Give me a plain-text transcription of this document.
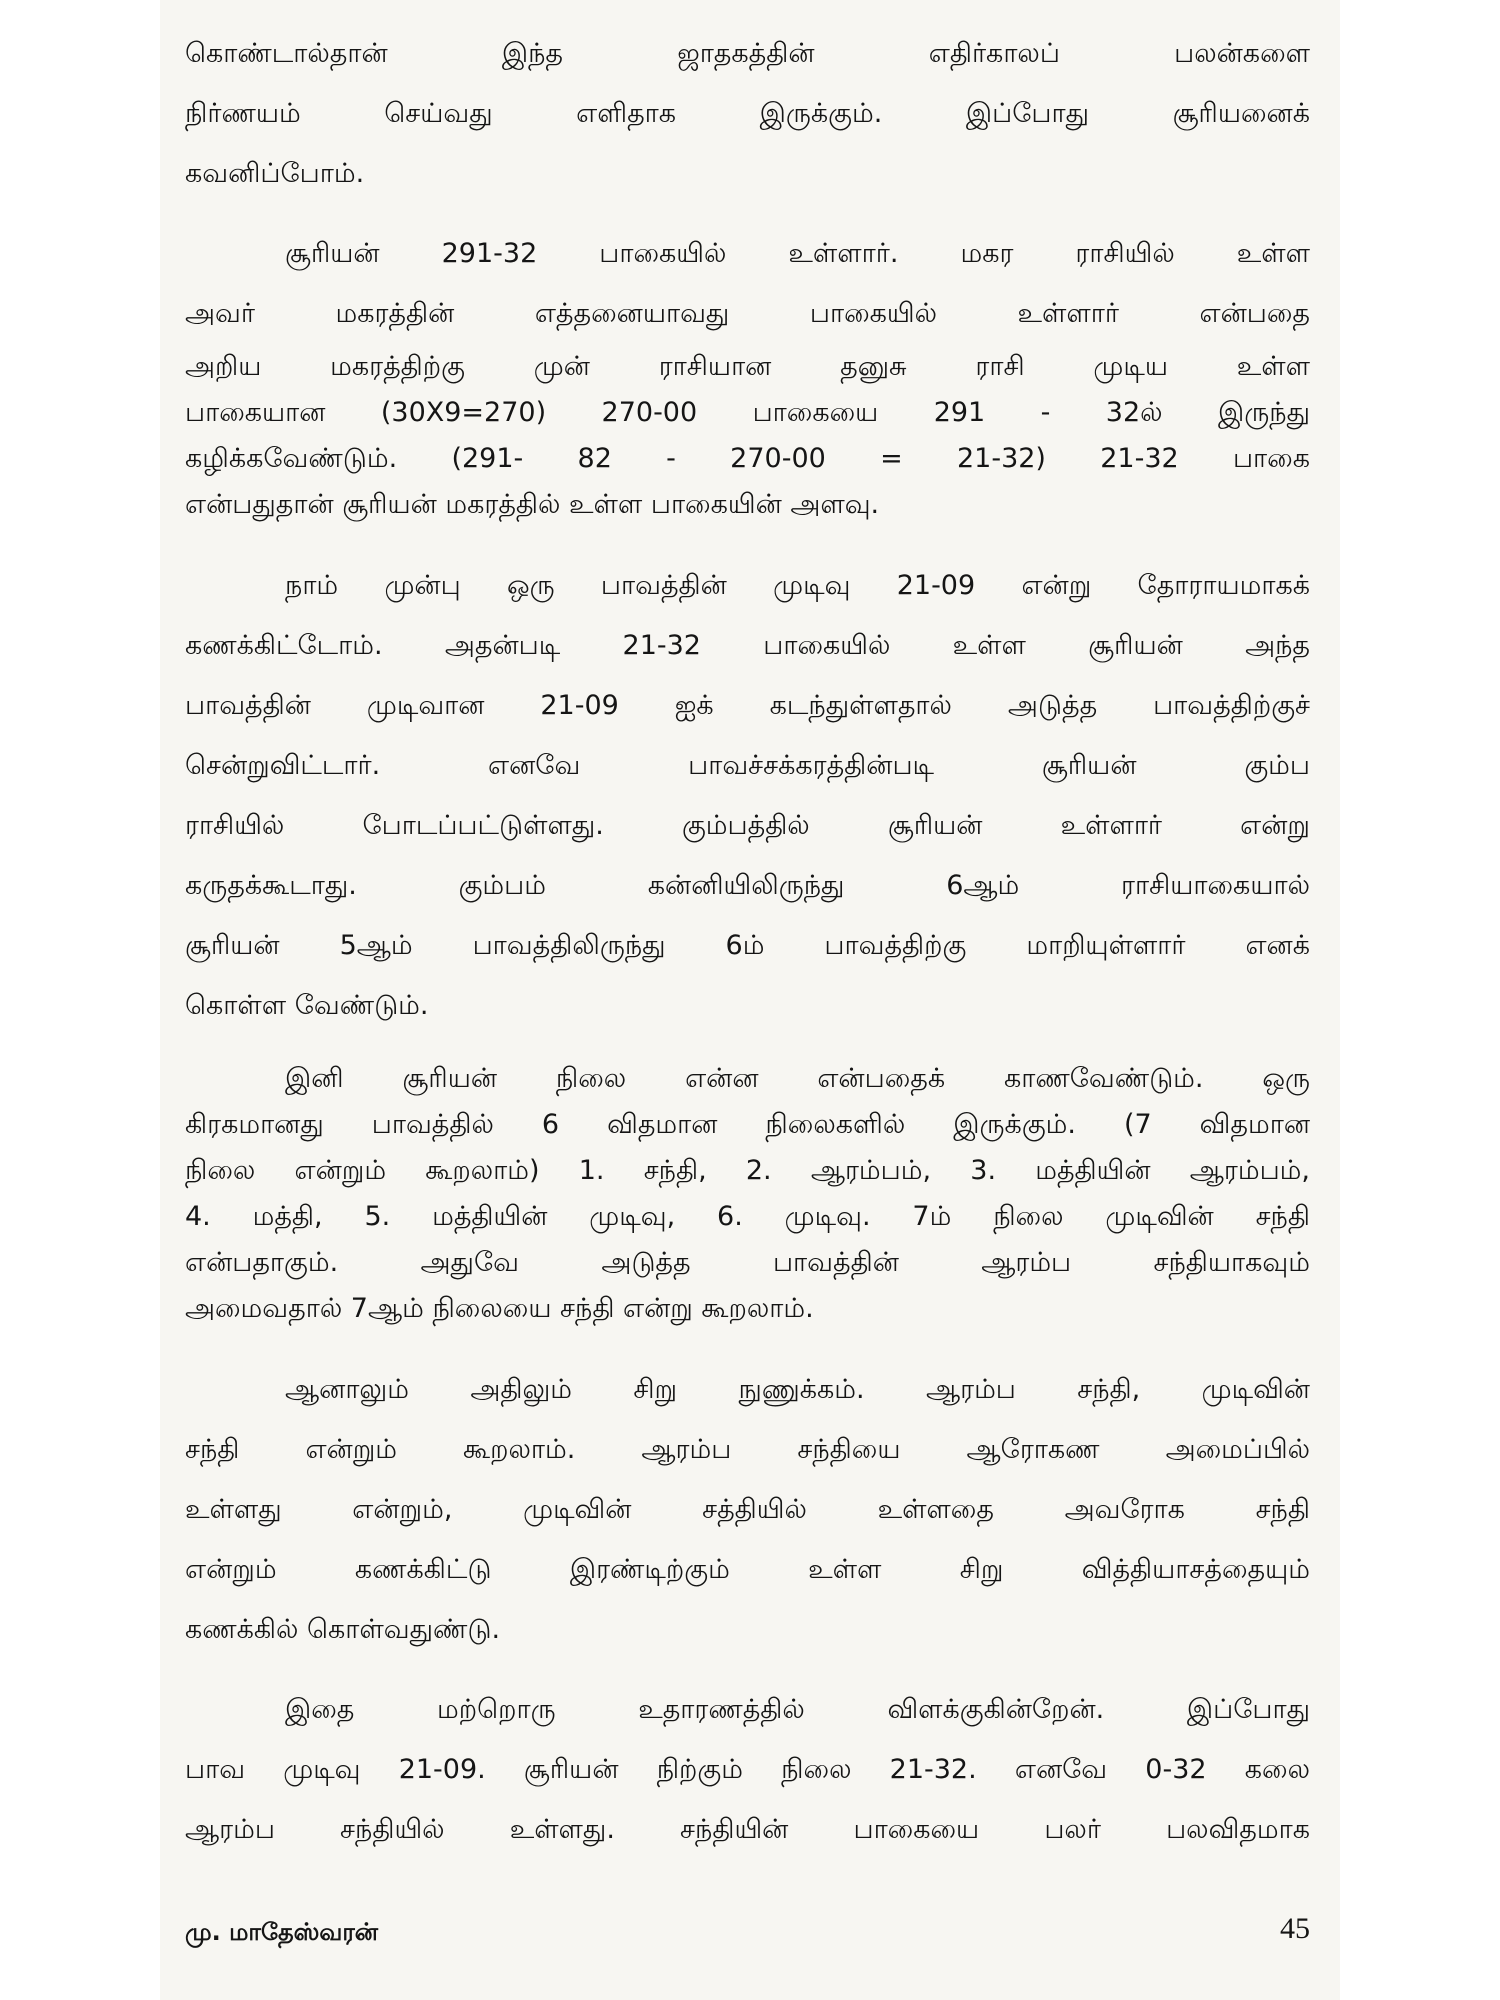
கொண்டால்தான் இந்த ஜாதகத்தின் எதிர்காலப் பலன்களை

நிர்ணயம் செய்வது எளிதாக இருக்கும். இப்போது சூரியனைக்

கவனிப்போம்.

சூரியன் 291-32 பாகையில் உள்ளார். மகர ராசியில் உள்ள

அவர் மகரத்தின் எத்தனையாவது பாகையில் உள்ளார் என்பதை

அறிய மகரத்திற்கு முன் ராசியான தனுசு ராசி முடிய உள்ள

பாகையான (30X9=270) 270-00 பாகையை 291 - 32ல் இருந்து

கழிக்கவேண்டும். (291- 82 - 270-00 = 21-32) 21-32 பாகை

என்பதுதான் சூரியன் மகரத்தில் உள்ள பாகையின் அளவு.

நாம் முன்பு ஒரு பாவத்தின் முடிவு 21-09 என்று தோராயமாகக்

கணக்கிட்டோம். அதன்படி 21-32 பாகையில் உள்ள சூரியன் அந்த

பாவத்தின் முடிவான 21-09 ஐக் கடந்துள்ளதால் அடுத்த பாவத்திற்குச்

சென்றுவிட்டார். எனவே பாவச்சக்கரத்தின்படி சூரியன் கும்ப

ராசியில் போடப்பட்டுள்ளது. கும்பத்தில் சூரியன் உள்ளார் என்று

கருதக்கூடாது. கும்பம் கன்னியிலிருந்து 6ஆம் ராசியாகையால்

சூரியன் 5ஆம் பாவத்திலிருந்து 6ம் பாவத்திற்கு மாறியுள்ளார் எனக்

கொள்ள வேண்டும்.

இனி சூரியன் நிலை என்ன என்பதைக் காணவேண்டும். ஒரு

கிரகமானது பாவத்தில் 6 விதமான நிலைகளில் இருக்கும். (7 விதமான

நிலை என்றும் கூறலாம்) 1. சந்தி, 2. ஆரம்பம், 3. மத்தியின் ஆரம்பம்,

4. மத்தி, 5. மத்தியின் முடிவு, 6. முடிவு. 7ம் நிலை முடிவின் சந்தி

என்பதாகும். அதுவே அடுத்த பாவத்தின் ஆரம்ப சந்தியாகவும்

அமைவதால் 7ஆம் நிலையை சந்தி என்று கூறலாம்.

ஆனாலும் அதிலும் சிறு நுணுக்கம். ஆரம்ப சந்தி, முடிவின்

சந்தி என்றும் கூறலாம். ஆரம்ப சந்தியை ஆரோகண அமைப்பில்

உள்ளது என்றும், முடிவின் சத்தியில் உள்ளதை அவரோக சந்தி

என்றும் கணக்கிட்டு இரண்டிற்கும் உள்ள சிறு வித்தியாசத்தையும்

கணக்கில் கொள்வதுண்டு.

இதை மற்றொரு உதாரணத்தில் விளக்குகின்றேன். இப்போது

பாவ முடிவு 21-09. சூரியன் நிற்கும் நிலை 21-32. எனவே 0-32 கலை

ஆரம்ப சந்தியில் உள்ளது. சந்தியின் பாகையை பலர் பலவிதமாக

மு. மாதேஸ்வரன்	45
